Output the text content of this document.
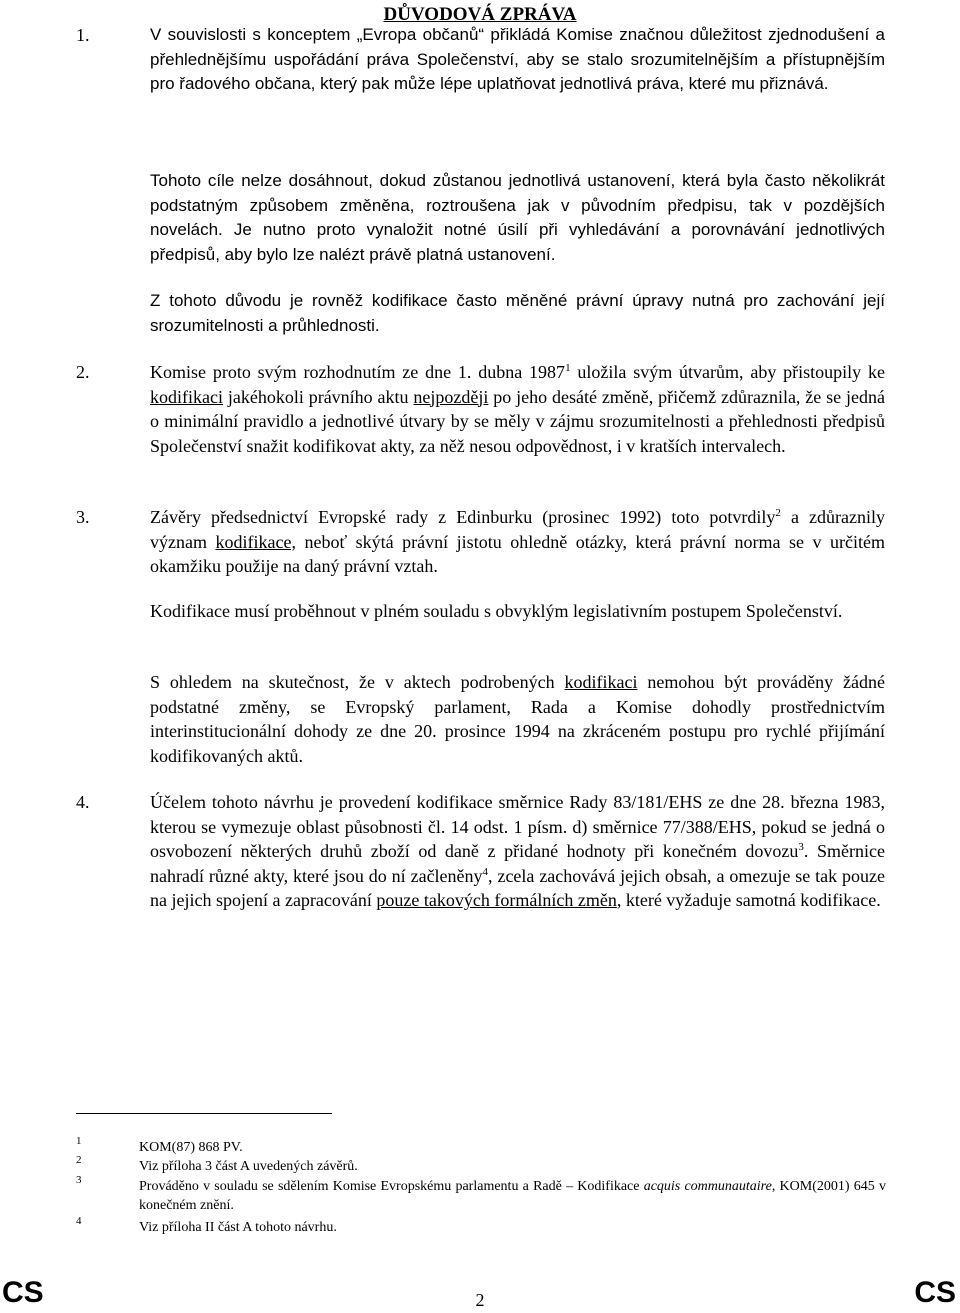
DŮVODOVÁ ZPRÁVA
1.	V souvislosti s konceptem „Evropa občanů“ přikládá Komise značnou důležitost zjednodušení a přehlednějšímu uspořádání práva Společenství, aby se stalo srozumitelnějším a přístupnějším pro řadového občana, který pak může lépe uplatňovat jednotlivá práva, které mu přiznává.

Tohoto cíle nelze dosáhnout, dokud zůstanou jednotlivá ustanovení, která byla často několikrát podstatným způsobem změněna, roztroušena jak v původním předpisu, tak v pozdějších novelách. Je nutno proto vynaložit notné úsilí při vyhledávání a porovnávání jednotlivých předpisů, aby bylo lze nalézt právě platná ustanovení.

Z tohoto důvodu je rovněž kodifikace často měněné právní úpravy nutná pro zachování její srozumitelnosti a průhlednosti.

2.	Komise proto svým rozhodnutím ze dne 1. dubna 1987$^1$ uložila svým útvarům, aby přistoupily ke kodifikaci jakéhokoli právního aktu nejpozději po jeho desáté změně, přičemž zdůraznila, že se jedná o minimální pravidlo a jednotlivé útvary by se měly v zájmu srozumitelnosti a přehlednosti předpisů Společenství snažit kodifikovat akty, za něž nesou odpovědnost, i v kratších intervalech.

3.	Závěry předsednictví Evropské rady z Edinburku (prosinec 1992) toto potvrdily$^2$ a zdůraznily význam kodifikace, neboť skýtá právní jistotu ohledně otázky, která právní norma se v určitém okamžiku použije na daný právní vztah.

Kodifikace musí proběhnout v plném souladu s obvyklým legislativním postupem Společenství.

S ohledem na skutečnost, že v aktech podrobených kodifikaci nemohou být prováděny žádné podstatné změny, se Evropský parlament, Rada a Komise dohodly prostřednictvím interinstitucionální dohody ze dne 20. prosince 1994 na zkráceném postupu pro rychlé přijímání kodifikovaných aktů.

4.	Účelem tohoto návrhu je provedení kodifikace směrnice Rady 83/181/EHS ze dne 28. března 1983, kterou se vymezuje oblast působnosti čl. 14 odst. 1 písm. d) směrnice 77/388/EHS, pokud se jedná o osvobození některých druhů zboží od daně z přidané hodnoty při konečném dovozu$^3$. Směrnice nahradí různé akty, které jsou do ní začleněny$^4$, zcela zachovává jejich obsah, a omezuje se tak pouze na jejich spojení a zapracování pouze takových formálních změn, které vyžaduje samotná kodifikace.

1	KOM(87) 868 PV.
2	Viz příloha 3 část A uvedených závěrů.
3	Prováděno v souladu se sdělením Komise Evropskému parlamentu a Radě – Kodifikace acquis communautaire, KOM(2001) 645 v konečném znění.
4	Viz příloha II část A tohoto návrhu.
CS	2	CS
